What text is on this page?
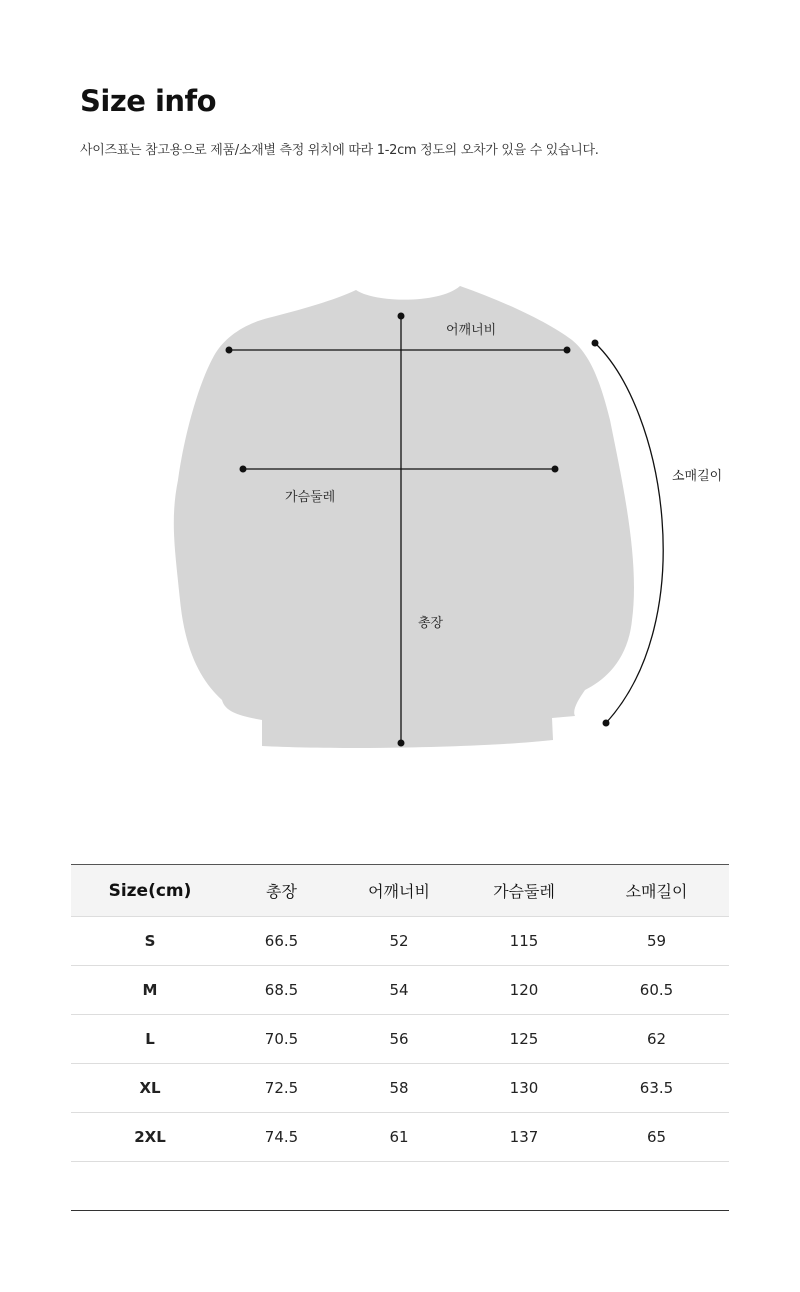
Size info
사이즈표는 참고용으로 제품/소재별 측정 위치에 따라 1-2cm 정도의 오차가 있을 수 있습니다.
어깨너비
가슴둘레
총장
소매길이
Size(cm)	총장	어깨너비	가슴둘레	소매길이
S	66.5	52	115	59
M	68.5	54	120	60.5
L	70.5	56	125	62
XL	72.5	58	130	63.5
2XL	74.5	61	137	65
